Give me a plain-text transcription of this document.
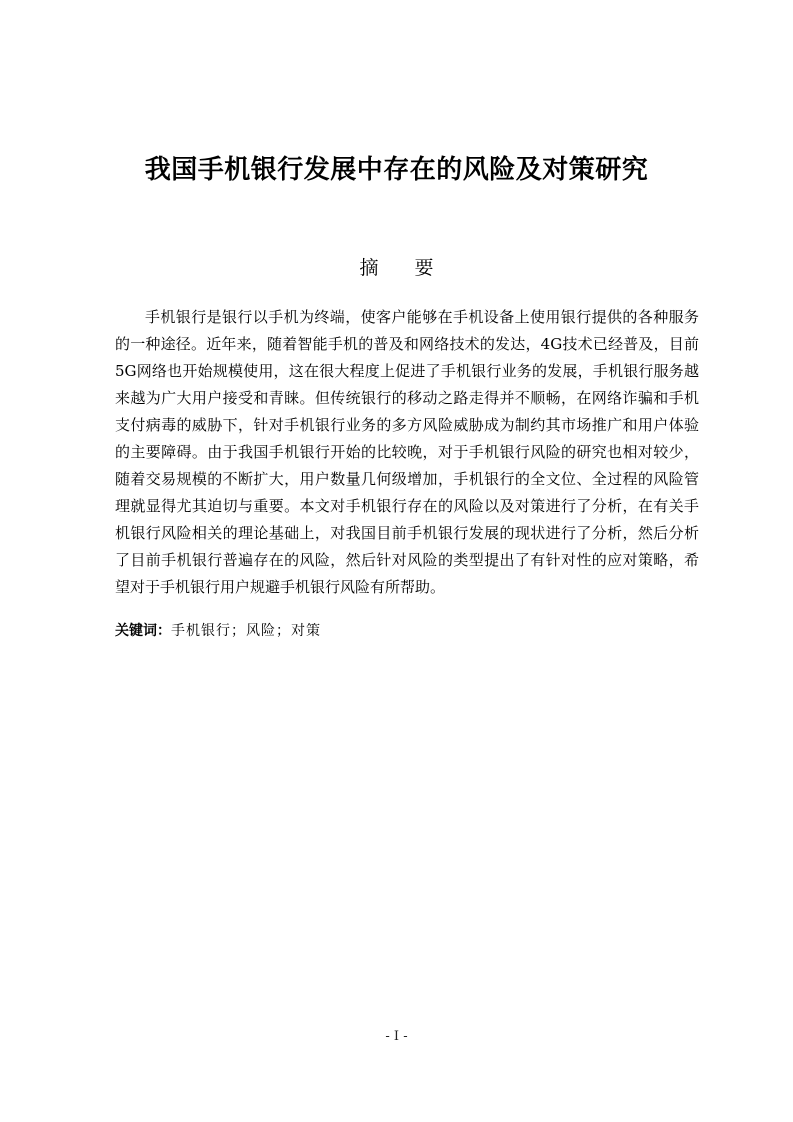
我国手机银行发展中存在的风险及对策研究
摘 要

手机银行是银行以手机为终端，使客户能够在手机设备上使用银行提供的各种服务的一种途径。近年来，随着智能手机的普及和网络技术的发达，4G技术已经普及，目前5G网络也开始规模使用，这在很大程度上促进了手机银行业务的发展，手机银行服务越来越为广大用户接受和青睐。但传统银行的移动之路走得并不顺畅，在网络诈骗和手机支付病毒的威胁下，针对手机银行业务的多方风险威胁成为制约其市场推广和用户体验的主要障碍。由于我国手机银行开始的比较晚，对于手机银行风险的研究也相对较少，随着交易规模的不断扩大，用户数量几何级增加，手机银行的全文位、全过程的风险管理就显得尤其迫切与重要。本文对手机银行存在的风险以及对策进行了分析，在有关手机银行风险相关的理论基础上，对我国目前手机银行发展的现状进行了分析，然后分析了目前手机银行普遍存在的风险，然后针对风险的类型提出了有针对性的应对策略，希望对于手机银行用户规避手机银行风险有所帮助。

关键词：手机银行；风险；对策
- I -
